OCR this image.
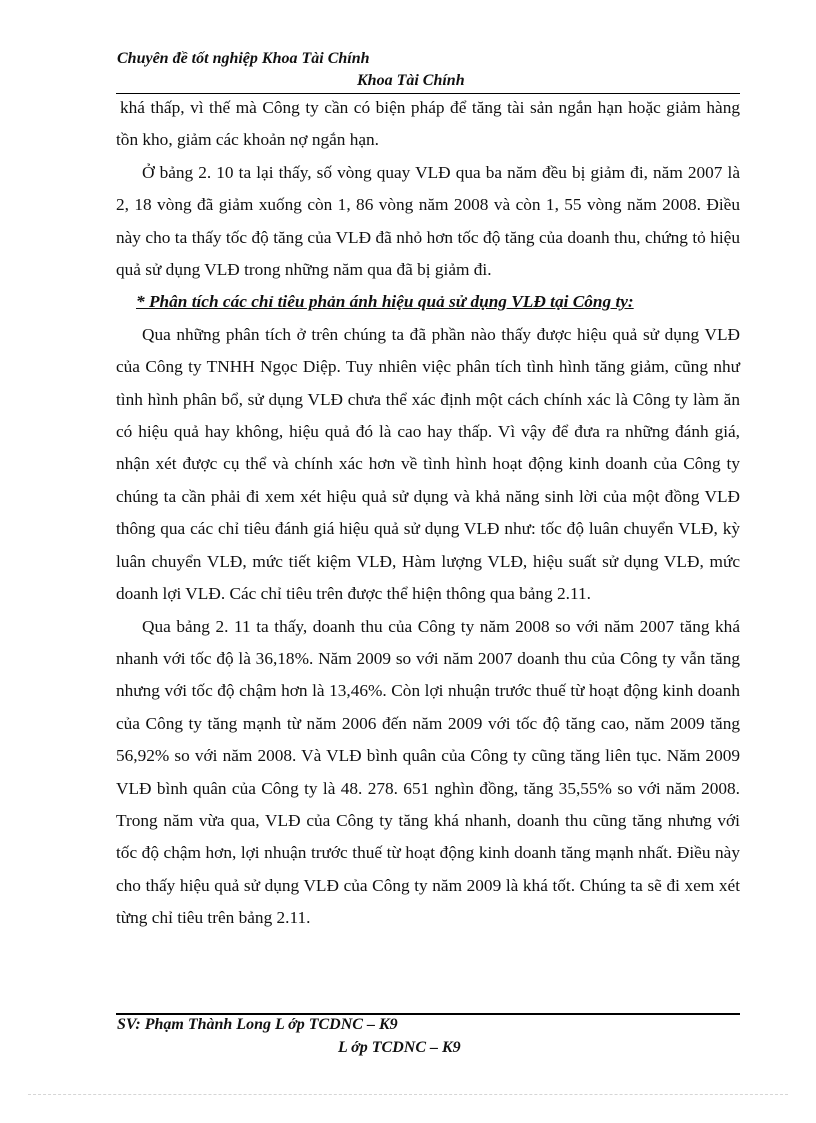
Chuyên đề tốt nghiệp Khoa Tài Chính
Khoa Tài Chính

khá thấp, vì thế mà Công ty cần có biện pháp để tăng tài sản ngắn hạn hoặc giảm hàng tồn kho, giảm các khoản nợ ngắn hạn.

Ở bảng 2. 10 ta lại thấy, số vòng quay VLĐ qua ba năm đều bị giảm đi, năm 2007 là 2, 18 vòng đã giảm xuống còn 1, 86 vòng năm 2008 và còn 1, 55 vòng năm 2008. Điều này cho ta thấy tốc độ tăng của VLĐ đã nhỏ hơn tốc độ tăng của doanh thu, chứng tỏ hiệu quả sử dụng VLĐ trong những năm qua đã bị giảm đi.

* Phân tích các chỉ tiêu phản ánh hiệu quả sử dụng VLĐ tại Công ty:

Qua những phân tích ở trên chúng ta đã phần nào thấy được hiệu quả sử dụng VLĐ của Công ty TNHH Ngọc Diệp. Tuy nhiên việc phân tích tình hình tăng giảm, cũng như tình hình phân bổ, sử dụng VLĐ chưa thể xác định một cách chính xác là Công ty làm ăn có hiệu quả hay không, hiệu quả đó là cao hay thấp. Vì vậy để đưa ra những đánh giá, nhận xét được cụ thể và chính xác hơn về tình hình hoạt động kinh doanh của Công ty chúng ta cần phải đi xem xét hiệu quả sử dụng và khả năng sinh lời của một đồng VLĐ thông qua các chỉ tiêu đánh giá hiệu quả sử dụng VLĐ như: tốc độ luân chuyển VLĐ, kỳ luân chuyển VLĐ, mức tiết kiệm VLĐ, Hàm lượng VLĐ, hiệu suất sử dụng VLĐ, mức doanh lợi VLĐ. Các chỉ tiêu trên được thể hiện thông qua bảng 2.11.

Qua bảng 2. 11 ta thấy, doanh thu của Công ty năm 2008 so với năm 2007 tăng khá nhanh với tốc độ là 36,18%. Năm 2009 so với năm 2007 doanh thu của Công ty vẫn tăng nhưng với tốc độ chậm hơn là 13,46%. Còn lợi nhuận trước thuế từ hoạt động kinh doanh của Công ty tăng mạnh từ năm 2006 đến năm 2009 với tốc độ tăng cao, năm 2009 tăng 56,92% so với năm 2008. Và VLĐ bình quân của Công ty cũng tăng liên tục. Năm 2009 VLĐ bình quân của Công ty là 48. 278. 651 nghìn đồng, tăng 35,55% so với năm 2008. Trong năm vừa qua, VLĐ của Công ty tăng khá nhanh, doanh thu cũng tăng nhưng với tốc độ chậm hơn, lợi nhuận trước thuế từ hoạt động kinh doanh tăng mạnh nhất. Điều này cho thấy hiệu quả sử dụng VLĐ của Công ty năm 2009 là khá tốt. Chúng ta sẽ đi xem xét từng chỉ tiêu trên bảng 2.11.

SV: Phạm Thành Long L ớp TCDNC – K9
L ớp TCDNC – K9
